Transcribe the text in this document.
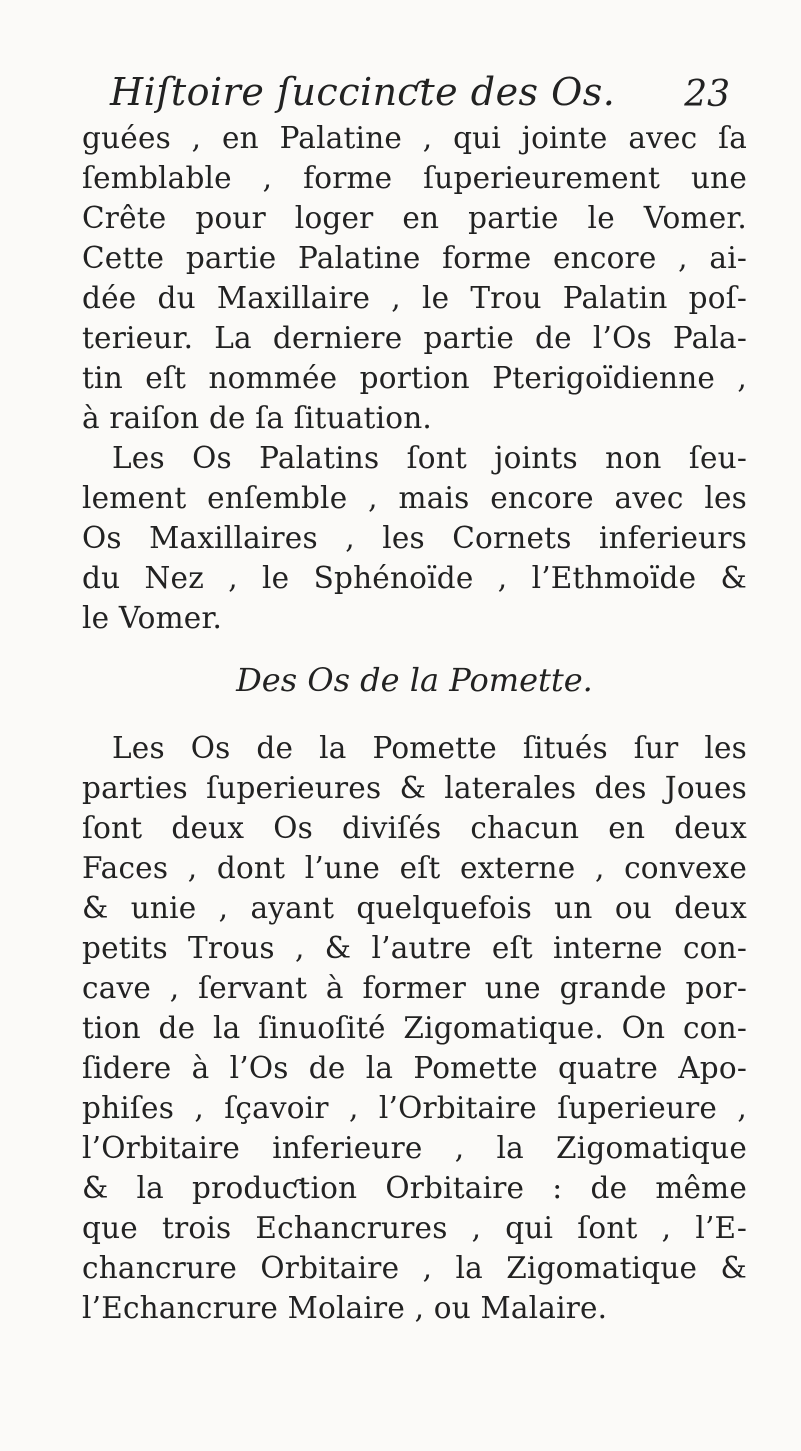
Hiſtoire ſuccinƈte des Os. 23
guées , en Palatine , qui jointe avec ſa
ſemblable , forme ſuperieurement une
Crête pour loger en partie le Vomer.
Cette partie Palatine forme encore , ai-
dée du Maxillaire , le Trou Palatin poſ-
terieur. La derniere partie de l’Os Pala-
tin eſt nommée portion Pterigoïdienne ,
à raiſon de ſa ſituation.
Les Os Palatins ſont joints non ſeu-
lement enſemble , mais encore avec les
Os Maxillaires , les Cornets inferieurs
du Nez , le Sphénoïde , l’Ethmoïde &
le Vomer.
Des Os de la Pomette.
Les Os de la Pomette ſitués ſur les
parties ſuperieures & laterales des Joues
ſont deux Os diviſés chacun en deux
Faces , dont l’une eſt externe , convexe
& unie , ayant quelquefois un ou deux
petits Trous , & l’autre eſt interne con-
cave , ſervant à former une grande por-
tion de la ſinuoſité Zigomatique. On con-
ſidere à l’Os de la Pomette quatre Apo-
phiſes , ſçavoir , l’Orbitaire ſuperieure ,
l’Orbitaire inferieure , la Zigomatique
& la produƈtion Orbitaire : de même
que trois Echancrures , qui ſont , l’E-
chancrure Orbitaire , la Zigomatique &
l’Echancrure Molaire , ou Malaire.
